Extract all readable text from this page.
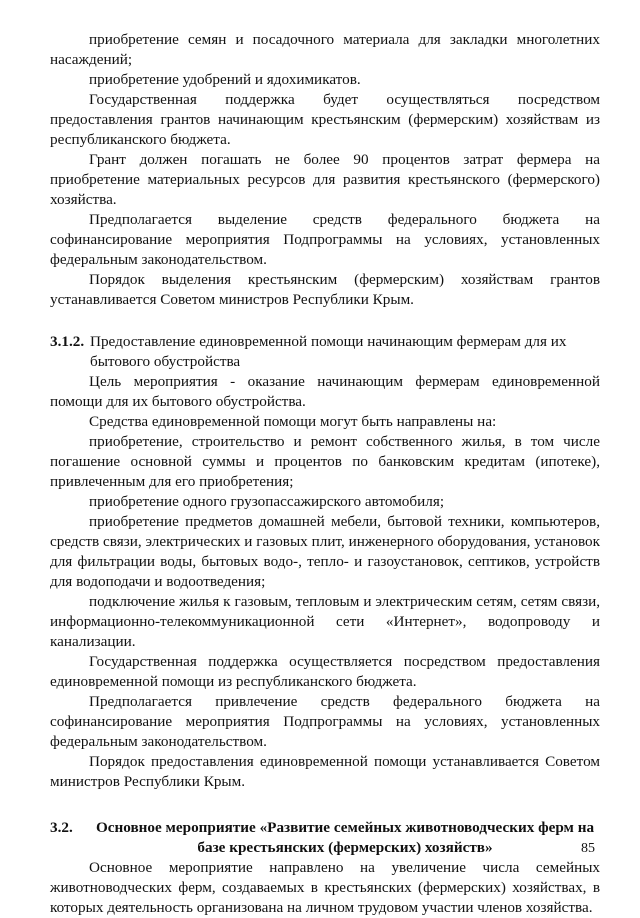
приобретение семян и посадочного материала для закладки многолетних насаждений;

приобретение удобрений и ядохимикатов.

Государственная поддержка будет осуществляться посредством предоставления грантов начинающим крестьянским (фермерским) хозяйствам из республиканского бюджета.

Грант должен погашать не более 90 процентов затрат фермера на приобретение материальных ресурсов для развития крестьянского (фермерского) хозяйства.

Предполагается выделение средств федерального бюджета на софинансирование мероприятия Подпрограммы на условиях, установленных федеральным законодательством.

Порядок выделения крестьянским (фермерским) хозяйствам грантов устанавливается Советом министров Республики Крым.

3.1.2. Предоставление единовременной помощи начинающим фермерам для их бытового обустройства

Цель мероприятия - оказание начинающим фермерам единовременной помощи для их бытового обустройства.

Средства единовременной помощи могут быть направлены на:

приобретение, строительство и ремонт собственного жилья, в том числе погашение основной суммы и процентов по банковским кредитам (ипотеке), привлеченным для его приобретения;

приобретение одного грузопассажирского автомобиля;

приобретение предметов домашней мебели, бытовой техники, компьютеров, средств связи, электрических и газовых плит, инженерного оборудования, установок для фильтрации воды, бытовых водо-, тепло- и газоустановок, септиков, устройств для водоподачи и водоотведения;

подключение жилья к газовым, тепловым и электрическим сетям, сетям связи, информационно-телекоммуникационной сети «Интернет», водопроводу и канализации.

Государственная поддержка осуществляется посредством предоставления единовременной помощи из республиканского бюджета.

Предполагается привлечение средств федерального бюджета на софинансирование мероприятия Подпрограммы на условиях, установленных федеральным законодательством.

Порядок предоставления единовременной помощи устанавливается Советом министров Республики Крым.

3.2.	Основное мероприятие «Развитие семейных животноводческих ферм на базе крестьянских (фермерских) хозяйств»

Основное мероприятие направлено на увеличение числа семейных животноводческих ферм, создаваемых в крестьянских (фермерских) хозяйствах, в которых деятельность организована на личном трудовом участии членов хозяйства.

85
